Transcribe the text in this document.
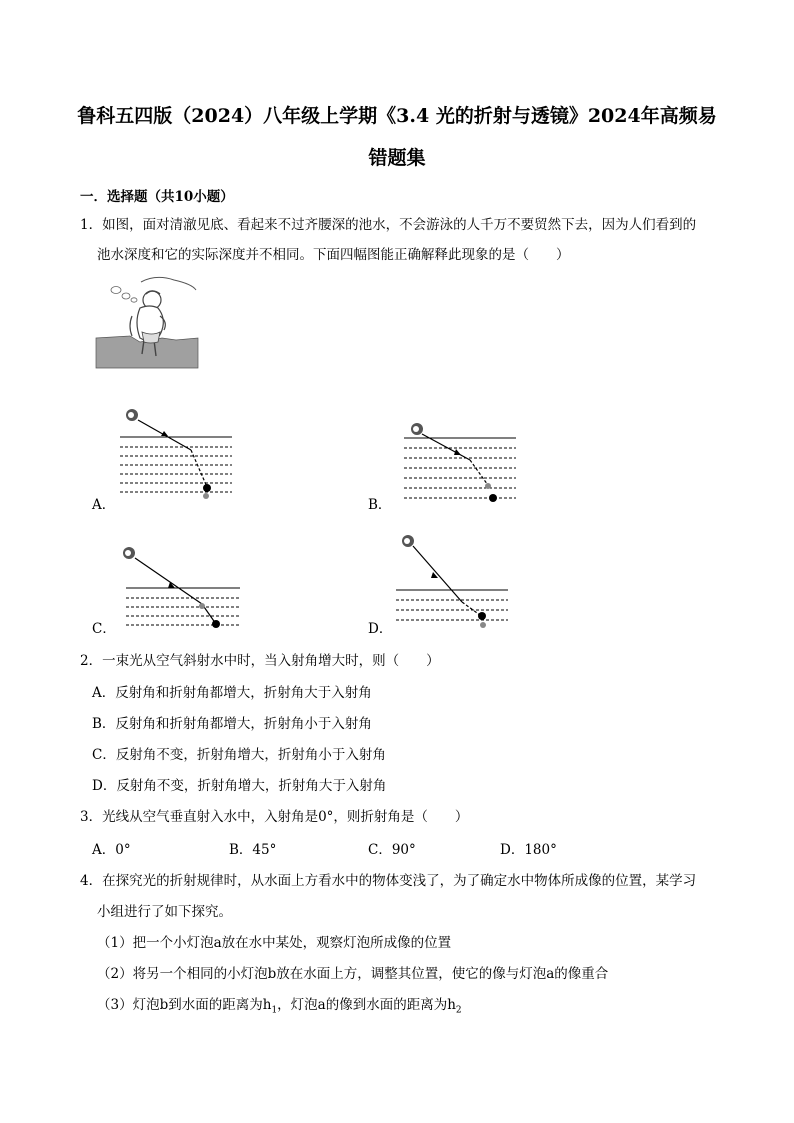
鲁科五四版（2024）八年级上学期《3.4 光的折射与透镜》2024年高频易
错题集
一．选择题（共10小题）
1．如图，面对清澈见底、看起来不过齐腰深的池水，不会游泳的人千万不要贸然下去，因为人们看到的
池水深度和它的实际深度并不相同。下面四幅图能正确解释此现象的是（　　）
A．	B．
C．	D．
2．一束光从空气斜射水中时，当入射角增大时，则（　　）
A．反射角和折射角都增大，折射角大于入射角
B．反射角和折射角都增大，折射角小于入射角
C．反射角不变，折射角增大，折射角小于入射角
D．反射角不变，折射角增大，折射角大于入射角
3．光线从空气垂直射入水中，入射角是0°，则折射角是（　　）
A．0°	B．45°	C．90°	D．180°
4．在探究光的折射规律时，从水面上方看水中的物体变浅了，为了确定水中物体所成像的位置，某学习
小组进行了如下探究。
（1）把一个小灯泡a放在水中某处，观察灯泡所成像的位置
（2）将另一个相同的小灯泡b放在水面上方，调整其位置，使它的像与灯泡a的像重合
（3）灯泡b到水面的距离为$h_1$，灯泡a的像到水面的距离为$h_2$
